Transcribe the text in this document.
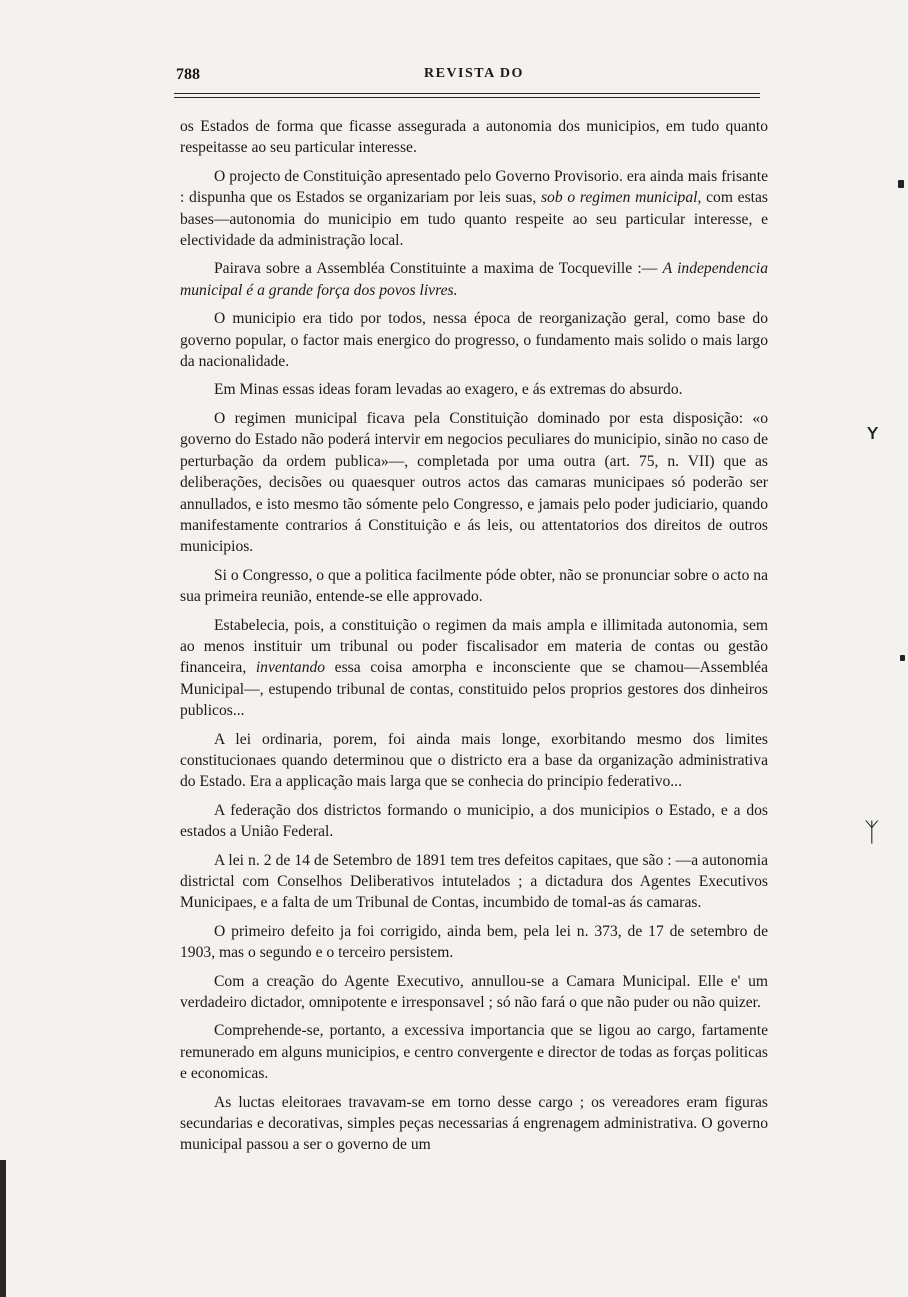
788	REVISTA DO

os Estados de forma que ficasse assegurada a autonomia dos municipios, em tudo quanto respeitasse ao seu particular interesse.

O projecto de Constituição apresentado pelo Governo Provisorio. era ainda mais frisante : dispunha que os Estados se organizariam por leis suas, sob o regimen municipal, com estas bases—autonomia do municipio em tudo quanto respeite ao seu particular interesse, e electividade da administração local.

Pairava sobre a Assembléa Constituinte a maxima de Tocqueville :— A independencia municipal é a grande força dos povos livres.

O municipio era tido por todos, nessa época de reorganização geral, como base do governo popular, o factor mais energico do progresso, o fundamento mais solido o mais largo da nacionalidade.

Em Minas essas ideas foram levadas ao exagero, e ás extremas do absurdo.

O regimen municipal ficava pela Constituição dominado por esta disposição: «o governo do Estado não poderá intervir em negocios peculiares do municipio, sinão no caso de perturbação da ordem publica»—, completada por uma outra (art. 75, n. VII) que as deliberações, decisões ou quaesquer outros actos das camaras municipaes só poderão ser annullados, e isto mesmo tão sómente pelo Congresso, e jamais pelo poder judiciario, quando manifestamente contrarios á Constituição e ás leis, ou attentatorios dos direitos de outros municipios.

Si o Congresso, o que a politica facilmente póde obter, não se pronunciar sobre o acto na sua primeira reunião, entende-se elle approvado.

Estabelecia, pois, a constituição o regimen da mais ampla e illimitada autonomia, sem ao menos instituir um tribunal ou poder fiscalisador em materia de contas ou gestão financeira, inventando essa coisa amorpha e inconsciente que se chamou—Assembléa Municipal—, estupendo tribunal de contas, constituido pelos proprios gestores dos dinheiros publicos...

A lei ordinaria, porem, foi ainda mais longe, exorbitando mesmo dos limites constitucionaes quando determinou que o districto era a base da organização administrativa do Estado. Era a applicação mais larga que se conhecia do principio federativo...

A federação dos districtos formando o municipio, a dos municipios o Estado, e a dos estados a União Federal.

A lei n. 2 de 14 de Setembro de 1891 tem tres defeitos capitaes, que são : —a autonomia districtal com Conselhos Deliberativos intutelados ; a dictadura dos Agentes Executivos Municipaes, e a falta de um Tribunal de Contas, incumbido de tomal-as ás camaras.

O primeiro defeito ja foi corrigido, ainda bem, pela lei n. 373, de 17 de setembro de 1903, mas o segundo e o terceiro persistem.

Com a creação do Agente Executivo, annullou-se a Camara Municipal. Elle e' um verdadeiro dictador, omnipotente e irresponsavel ; só não fará o que não puder ou não quizer.

Comprehende-se, portanto, a excessiva importancia que se ligou ao cargo, fartamente remunerado em alguns municipios, e centro convergente e director de todas as forças politicas e economicas.

As luctas eleitoraes travavam-se em torno desse cargo ; os vereadores eram figuras secundarias e decorativas, simples peças necessarias á engrenagem administrativa. O governo municipal passou a ser o governo de um

ʏ
ᛉ
